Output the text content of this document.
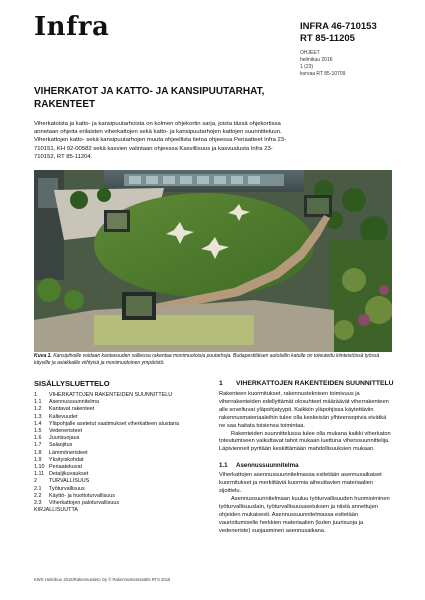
Infra	INFRA 46-710153
RT 85-11205
OHJEET
helmikuu 2016
1 (23)
korvaa RT 85-10709
VIHERKATOT JA KATTO- JA KANSIPUUTARHAT, RAKENTEET
Viherkatoista ja katto- ja kansipuutarhoista on kolmen ohjekortin sarja, joista tässä ohjekortissa annetaan ohjeita erilaisten viherkattojen sekä katto- ja kansipuutarhojen kattojen suunnitteluun. Viherkattojen katto- sekä kansipuutarhojen muuta ohjeellista tietoa ohjeessa Periaatteet Infra 23-710151, KH 92-00582 sekä kasvien valintaan ohjeessa Kasvillisuus ja kasvualusta Infra 23-710152, RT 85-11204.
Kuva 1. Kansipihoille voidaan kantavuuden salliessa rakentaa monimuotoisia puutarhoja. Budapestiläisen autotallin katolle on toteutettu kiinteistössä työssä käyville ja asiakkaille viihtyisä ja monimuotoinen ympäristö.
SISÄLLYSLUETTELO
1 VIHERKATTOJEN RAKENTEIDEN SUUNNITTELU
1.1 Asennussuunnitelma
1.2 Kantavat rakenteet
1.3 Kaltevuudet
1.4 Yläpohjalle asetetut vaatimukset viherkatteen alustana
1.5 Vedeneristeet
1.6 Juurisuojaus
1.7 Salaojitus
1.8 Lämmöneristeet
1.9 Yksityiskohdat
1.10 Periaatekuvat
1.11 Detaljikuvaukset
2 TURVALLISUUS
2.1 Työturvallisuus
2.2 Käyttö- ja huoltoturvallisuus
2.3 Viherkattojen paloturvallisuus
KIRJALLISUUTTA
1 VIHERKATTOJEN RAKENTEIDEN SUUNNITTELU
Rakenteen kuormitukset, rakennusteknisen toimivuus ja viherrakenteiden edellyttämät olosuhteet määräävät viherrakenteen alle soveltuvat yläpohjatyypit. Kaikkiin yläpohjissa käytettäviin rakennusmateriaaleihin tulee olla keskeisän ylhteensopivia eivätkä ne saa haitata toisiensa toimintaa.
Rakenteiden suunnittelussa tulee olla mukana kaikki viherkaton toteutumiseen vaikuttavat tahot mukaan luettuna viherssuunnittelija. Läpivienneit pyritään keskittämään mahdollisuuksien mukaan.
1.1 Asennussuunnitelma
Viherkattojen asennussuunnitelmassa esitetään asennusaikaiset kuormitukset ja merkittäviä kuormia aiheuttavien materiaalien sijoittelu.
Asennussuunnitelmaan kuuluu työturvallisuuden huomioiminen työturvallisuuslain, työturvallisuusasetuksen ja niistä annettujen ohjeiden mukaisesti. Asennussuunnitelmassa esitetään vaurioitumiselle herkkien materiaalien (kuten juurisuoja ja vedeneriste) suojaaminen asennusaikana.
KWS Helmikuu 2016/Rakennustieto Oy © Rakennustietosäätiö RTS 2016
